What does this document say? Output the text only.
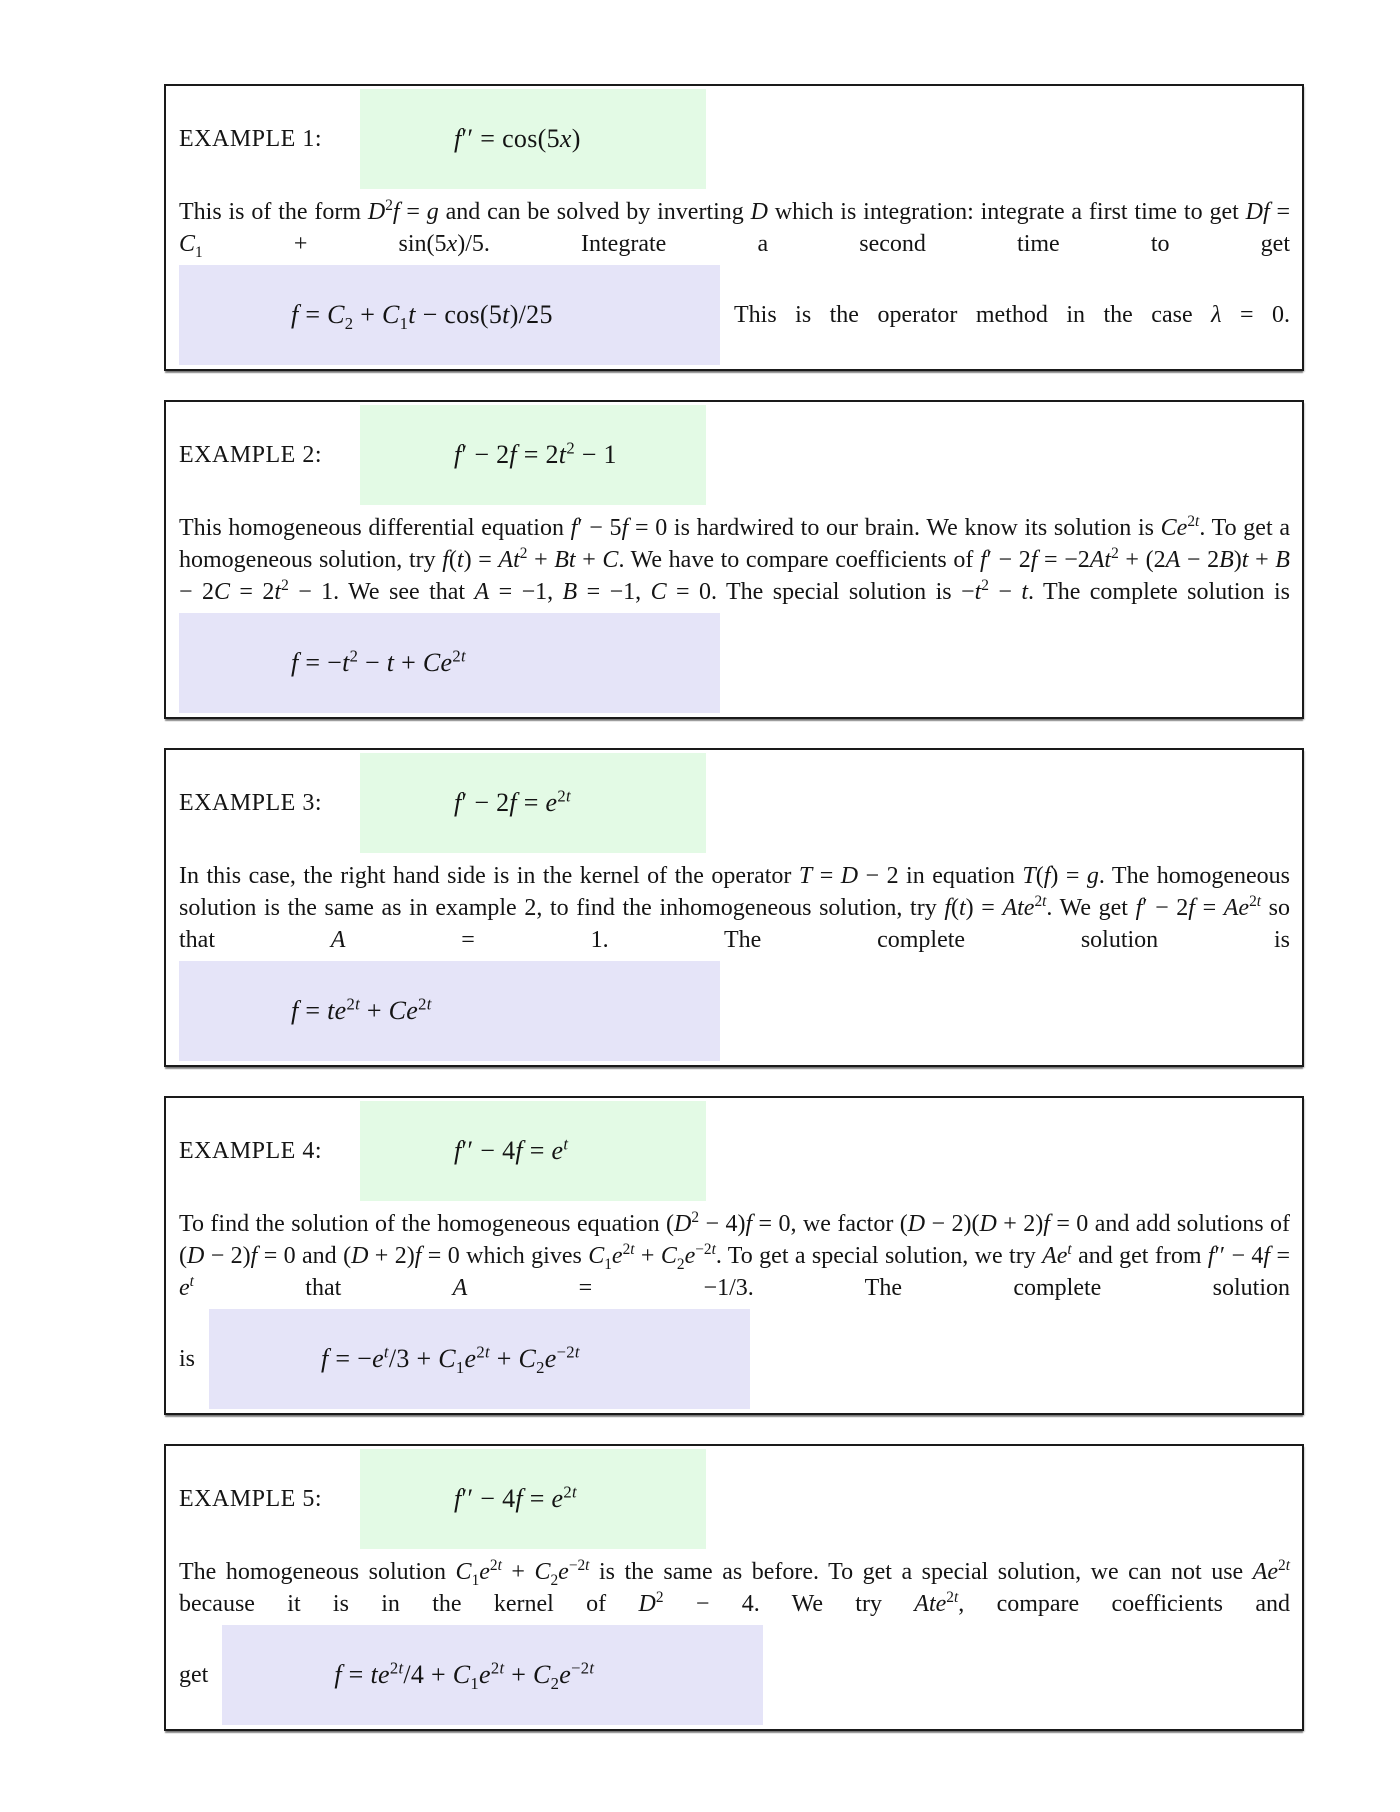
EXAMPLE 1:	f′′ = cos(5x)

This is of the form $D^2f = g$ and can be solved by inverting D which is integration: integrate a first time to get $Df = C_1 + \sin(5x)/5$. Integrate a second time to get

$f = C_2 + C_1t - \cos(5t)/25$	This is the operator method in the case λ = 0.
EXAMPLE 2:	$f' - 2f = 2t^2 - 1$

This homogeneous differential equation f′ − 5f = 0 is hardwired to our brain. We know its solution is $Ce^{2t}$. To get a homogeneous solution, try $f(t) = At^2 + Bt + C$. We have to compare coefficients of $f' - 2f = -2At^2 + (2A - 2B)t + B - 2C = 2t^2 - 1$. We see that A = −1, B = −1, C = 0. The special solution is $-t^2 - t$. The complete solution is

$f = -t^2 - t + Ce^{2t}$
EXAMPLE 3:	$f' - 2f = e^{2t}$

In this case, the right hand side is in the kernel of the operator T = D − 2 in equation T(f) = g. The homogeneous solution is the same as in example 2, to find the inhomogeneous solution, try f(t) = Ate$^{2t}$. We get $f' - 2f = Ae^{2t}$ so that A = 1. The complete solution is

$f = te^{2t} + Ce^{2t}$
EXAMPLE 4:	$f'' - 4f = e^t$

To find the solution of the homogeneous equation $(D^2 - 4)f = 0$, we factor (D − 2)(D + 2)f = 0 and add solutions of (D − 2)f = 0 and (D + 2)f = 0 which gives $C_1e^{2t} + C_2e^{-2t}$. To get a special solution, we try Ae$^t$ and get from $f'' - 4f = e^t$ that A = −1/3. The complete solution

is	$f = -e^t/3 + C_1e^{2t} + C_2e^{-2t}$
EXAMPLE 5:	$f'' - 4f = e^{2t}$

The homogeneous solution $C_1e^{2t} + C_2e^{-2t}$ is the same as before. To get a special solution, we can not use $Ae^{2t}$ because it is in the kernel of $D^2 - 4$. We try Ate$^{2t}$, compare coefficients and

get	$f = te^{2t}/4 + C_1e^{2t} + C_2e^{-2t}$
